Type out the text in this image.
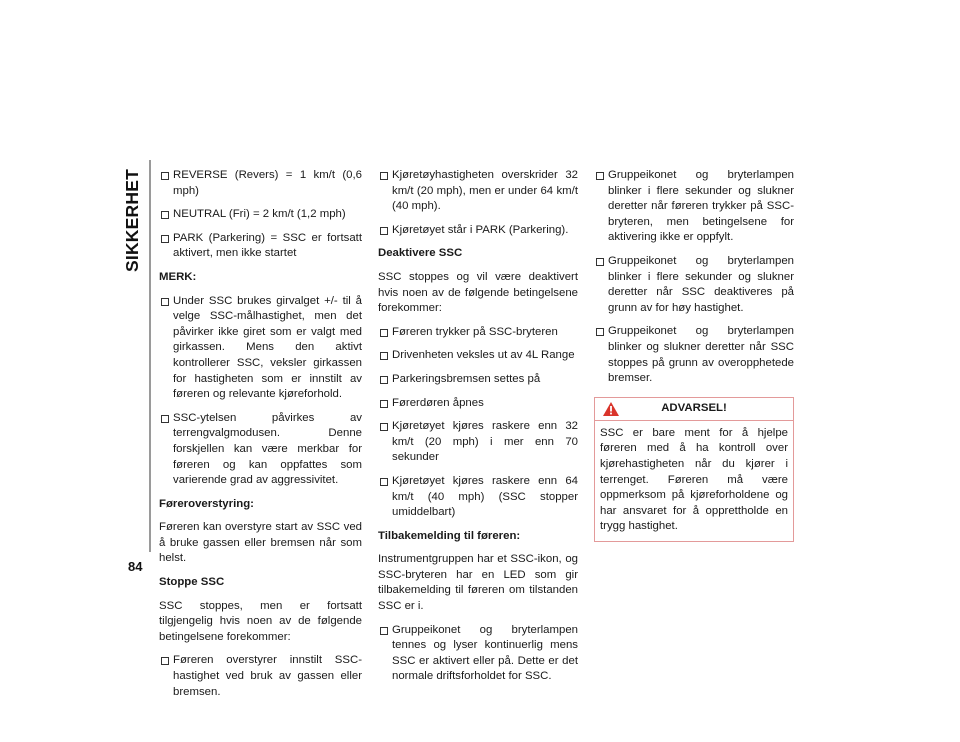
SIKKERHET
84
REVERSE (Revers) = 1 km/t (0,6 mph)
NEUTRAL (Fri) = 2 km/t (1,2 mph)
PARK (Parkering) = SSC er fortsatt aktivert, men ikke startet
MERK:
Under SSC brukes girvalget +/- til å velge SSC-målhastighet, men det påvirker ikke giret som er valgt med girkassen. Mens den aktivt kontrollerer SSC, veksler girkassen for hastigheten som er innstilt av føreren og relevante kjøreforhold.
SSC-ytelsen påvirkes av terrengvalgmodusen. Denne forskjellen kan være merkbar for føreren og kan oppfattes som varierende grad av aggressivitet.
Føreroverstyring:
Føreren kan overstyre start av SSC ved å bruke gassen eller bremsen når som helst.
Stoppe SSC
SSC stoppes, men er fortsatt tilgjengelig hvis noen av de følgende betingelsene forekommer:
Føreren overstyrer innstilt SSC-hastighet ved bruk av gassen eller bremsen.
Kjøretøyhastigheten overskrider 32 km/t (20 mph), men er under 64 km/t (40 mph).
Kjøretøyet står i PARK (Parkering).
Deaktivere SSC
SSC stoppes og vil være deaktivert hvis noen av de følgende betingelsene forekommer:
Føreren trykker på SSC-bryteren
Drivenheten veksles ut av 4L Range
Parkeringsbremsen settes på
Førerdøren åpnes
Kjøretøyet kjøres raskere enn 32 km/t (20 mph) i mer enn 70 sekunder
Kjøretøyet kjøres raskere enn 64 km/t (40 mph) (SSC stopper umiddelbart)
Tilbakemelding til føreren:
Instrumentgruppen har et SSC-ikon, og SSC-bryteren har en LED som gir tilbakemelding til føreren om tilstanden SSC er i.
Gruppeikonet og bryterlampen tennes og lyser kontinuerlig mens SSC er aktivert eller på. Dette er det normale driftsforholdet for SSC.
Gruppeikonet og bryterlampen blinker i flere sekunder og slukner deretter når føreren trykker på SSC-bryteren, men betingelsene for aktivering ikke er oppfylt.
Gruppeikonet og bryterlampen blinker i flere sekunder og slukner deretter når SSC deaktiveres på grunn av for høy hastighet.
Gruppeikonet og bryterlampen blinker og slukner deretter når SSC stoppes på grunn av overopphetede bremser.
ADVARSEL!
SSC er bare ment for å hjelpe føreren med å ha kontroll over kjørehastigheten når du kjører i terrenget. Føreren må være oppmerksom på kjøreforholdene og har ansvaret for å opprettholde en trygg hastighet.
